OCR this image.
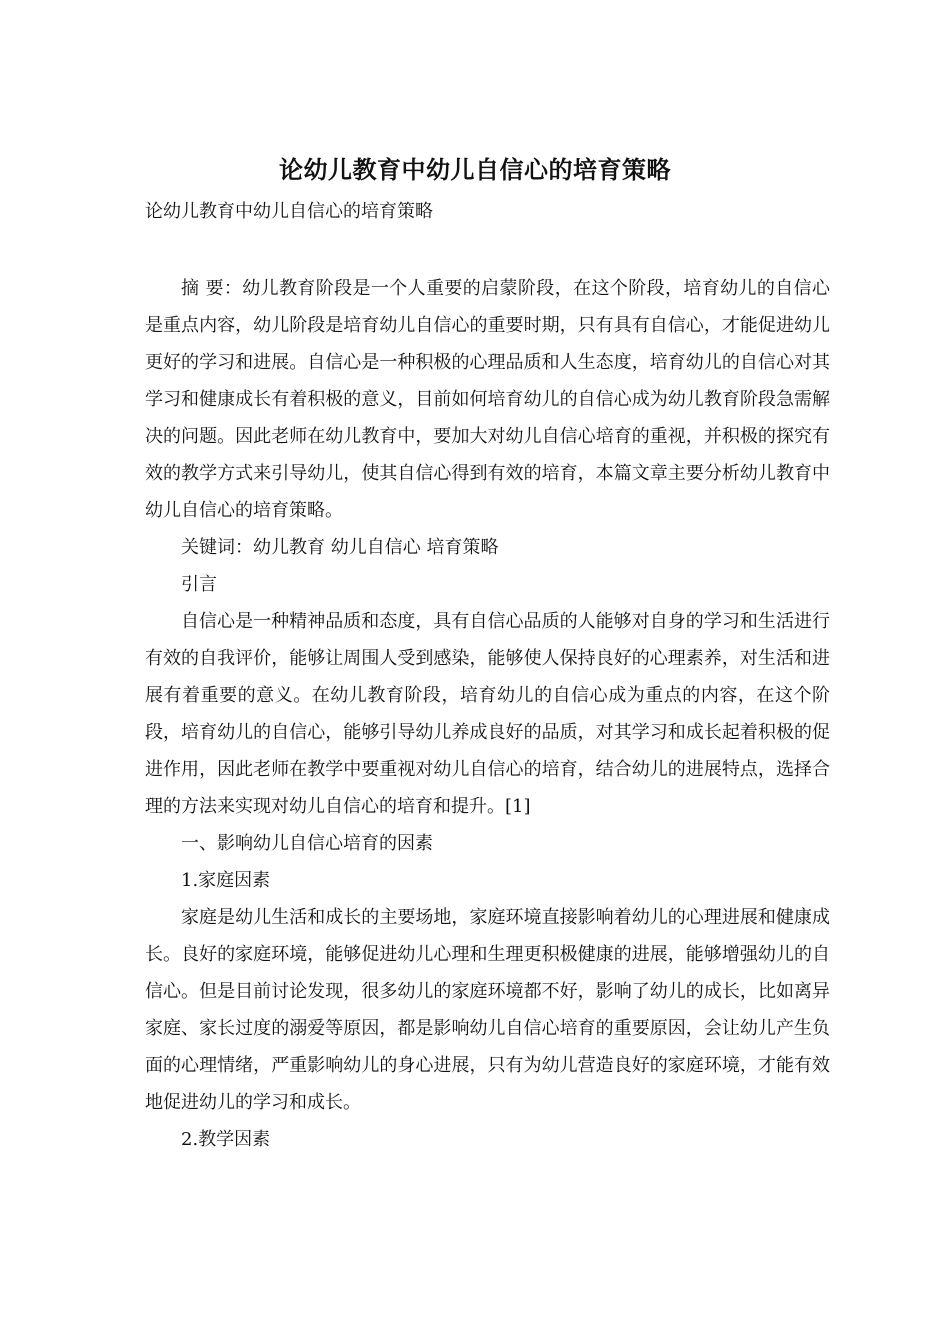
论幼儿教育中幼儿自信心的培育策略
论幼儿教育中幼儿自信心的培育策略

摘 要：幼儿教育阶段是一个人重要的启蒙阶段，在这个阶段，培育幼儿的自信心是重点内容，幼儿阶段是培育幼儿自信心的重要时期，只有具有自信心，才能促进幼儿更好的学习和进展。自信心是一种积极的心理品质和人生态度，培育幼儿的自信心对其学习和健康成长有着积极的意义，目前如何培育幼儿的自信心成为幼儿教育阶段急需解决的问题。因此老师在幼儿教育中，要加大对幼儿自信心培育的重视，并积极的探究有效的教学方式来引导幼儿，使其自信心得到有效的培育，本篇文章主要分析幼儿教育中幼儿自信心的培育策略。

关键词：幼儿教育 幼儿自信心 培育策略

引言

自信心是一种精神品质和态度，具有自信心品质的人能够对自身的学习和生活进行有效的自我评价，能够让周围人受到感染，能够使人保持良好的心理素养，对生活和进展有着重要的意义。在幼儿教育阶段，培育幼儿的自信心成为重点的内容，在这个阶段，培育幼儿的自信心，能够引导幼儿养成良好的品质，对其学习和成长起着积极的促进作用，因此老师在教学中要重视对幼儿自信心的培育，结合幼儿的进展特点，选择合理的方法来实现对幼儿自信心的培育和提升。[1]

一、影响幼儿自信心培育的因素

1.家庭因素

家庭是幼儿生活和成长的主要场地，家庭环境直接影响着幼儿的心理进展和健康成长。良好的家庭环境，能够促进幼儿心理和生理更积极健康的进展，能够增强幼儿的自信心。但是目前讨论发现，很多幼儿的家庭环境都不好，影响了幼儿的成长，比如离异家庭、家长过度的溺爱等原因，都是影响幼儿自信心培育的重要原因，会让幼儿产生负面的心理情绪，严重影响幼儿的身心进展，只有为幼儿营造良好的家庭环境，才能有效地促进幼儿的学习和成长。

2.教学因素
